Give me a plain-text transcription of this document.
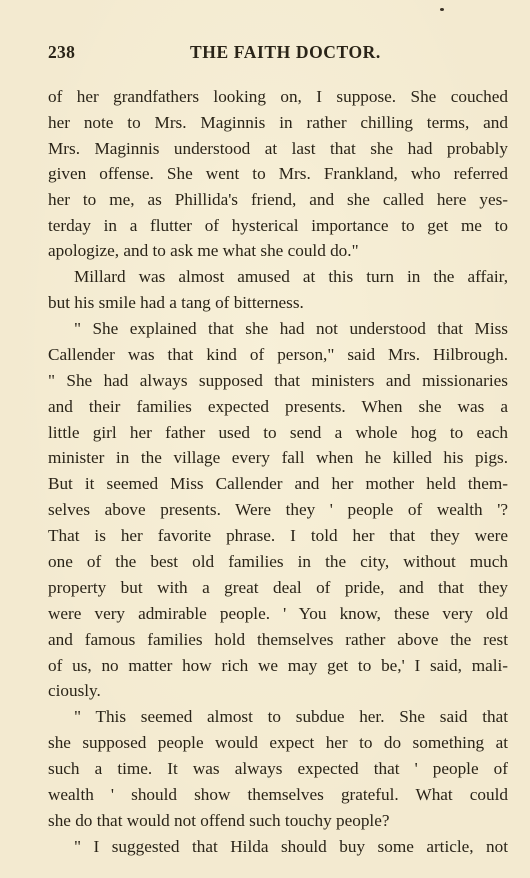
238	THE FAITH DOCTOR.
of her grandfathers looking on, I suppose. She couched
her note to Mrs. Maginnis in rather chilling terms, and
Mrs. Maginnis understood at last that she had probably
given offense. She went to Mrs. Frankland, who referred
her to me, as Phillida's friend, and she called here yes-
terday in a flutter of hysterical importance to get me to
apologize, and to ask me what she could do."
Millard was almost amused at this turn in the affair,
but his smile had a tang of bitterness.
" She explained that she had not understood that Miss
Callender was that kind of person," said Mrs. Hilbrough.
" She had always supposed that ministers and missionaries
and their families expected presents. When she was a
little girl her father used to send a whole hog to each
minister in the village every fall when he killed his pigs.
But it seemed Miss Callender and her mother held them-
selves above presents. Were they ' people of wealth '?
That is her favorite phrase. I told her that they were
one of the best old families in the city, without much
property but with a great deal of pride, and that they
were very admirable people. ' You know, these very old
and famous families hold themselves rather above the rest
of us, no matter how rich we may get to be,' I said, mali-
ciously.
" This seemed almost to subdue her. She said that
she supposed people would expect her to do something at
such a time. It was always expected that ' people of
wealth ' should show themselves grateful. What could
she do that would not offend such touchy people?
" I suggested that Hilda should buy some article, not
